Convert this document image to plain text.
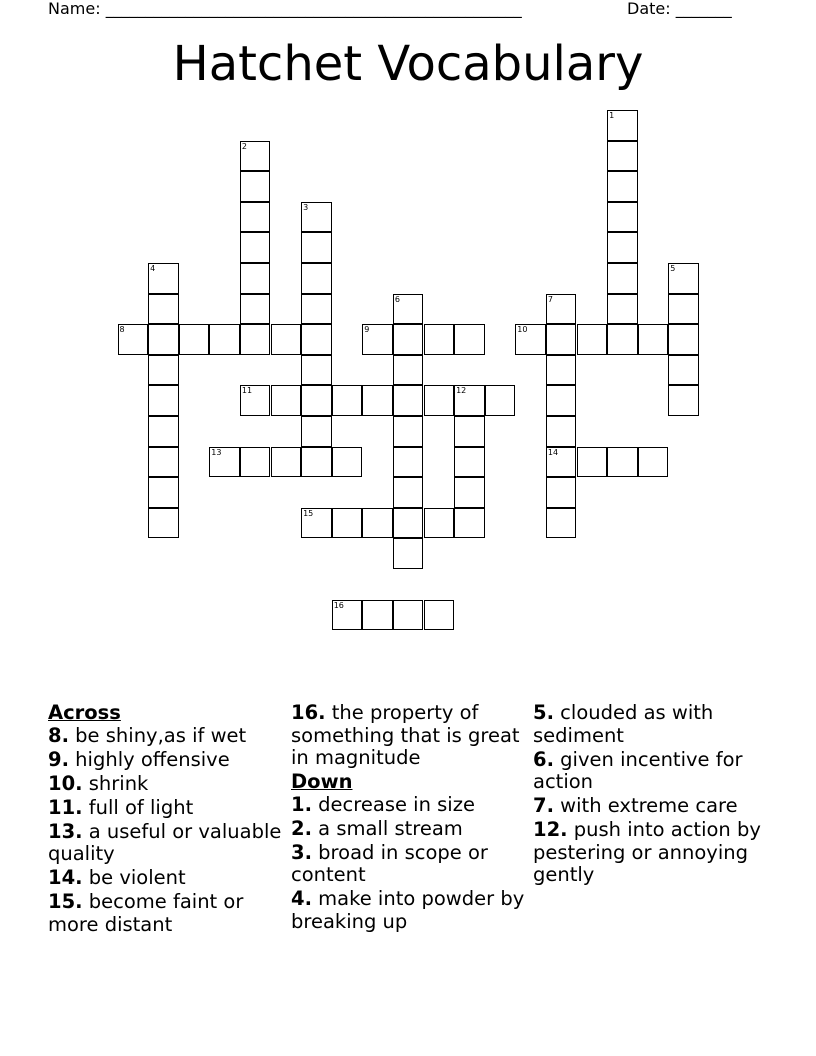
Name: ____________________________________________________	Date: _______
Hatchet Vocabulary
1
2
3
4	5
6	7
8	9	10
11	12
13	14
15
16
Across
8. be shiny,as if wet
9. highly offensive
10. shrink
11. full of light
13. a useful or valuable quality
14. be violent
15. become faint or more distant
16. the property of something that is great in magnitude
Down
1. decrease in size
2. a small stream
3. broad in scope or content
4. make into powder by breaking up
5. clouded as with sediment
6. given incentive for action
7. with extreme care
12. push into action by pestering or annoying gently
